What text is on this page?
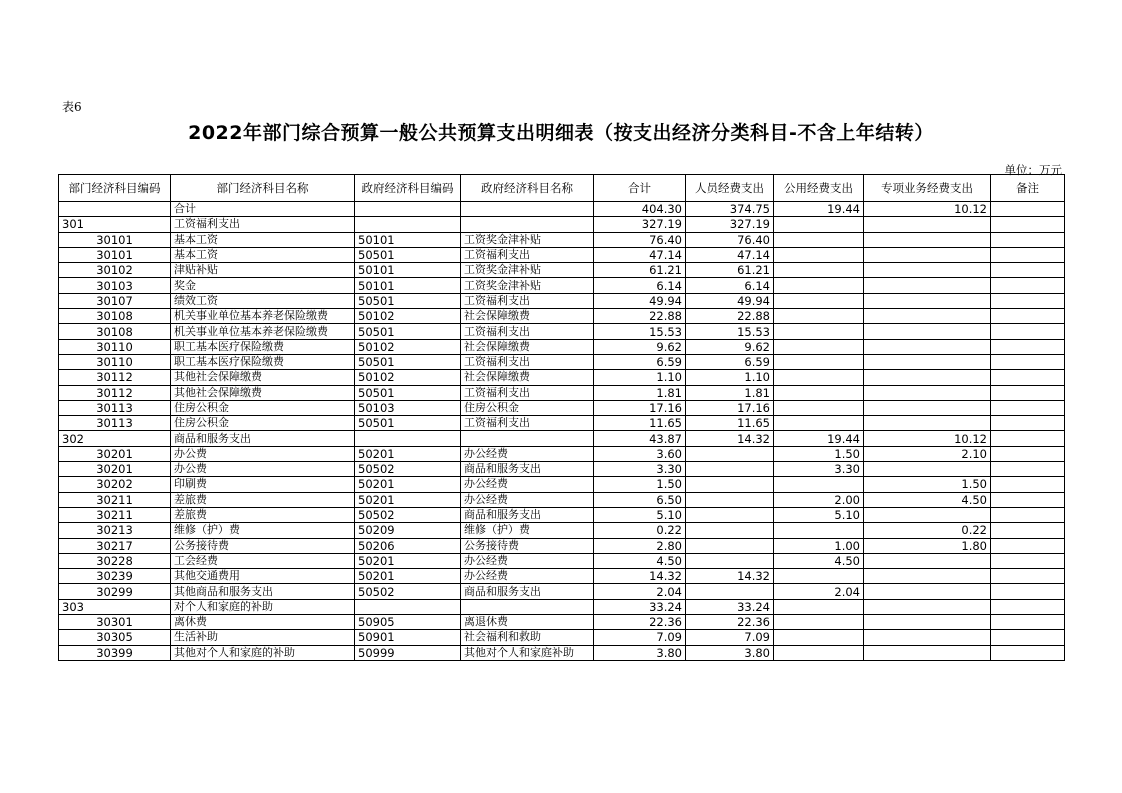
表6
2022年部门综合预算一般公共预算支出明细表（按支出经济分类科目-不含上年结转）
单位：万元
部门经济科目编码	部门经济科目名称	政府经济科目编码	政府经济科目名称	合计	人员经费支出	公用经费支出	专项业务经费支出	备注
	合计			404.30	374.75	19.44	10.12	
301	工资福利支出			327.19	327.19			
30101	基本工资	50101	工资奖金津补贴	76.40	76.40			
30101	基本工资	50501	工资福利支出	47.14	47.14			
30102	津贴补贴	50101	工资奖金津补贴	61.21	61.21			
30103	奖金	50101	工资奖金津补贴	6.14	6.14			
30107	绩效工资	50501	工资福利支出	49.94	49.94			
30108	机关事业单位基本养老保险缴费	50102	社会保障缴费	22.88	22.88			
30108	机关事业单位基本养老保险缴费	50501	工资福利支出	15.53	15.53			
30110	职工基本医疗保险缴费	50102	社会保障缴费	9.62	9.62			
30110	职工基本医疗保险缴费	50501	工资福利支出	6.59	6.59			
30112	其他社会保障缴费	50102	社会保障缴费	1.10	1.10			
30112	其他社会保障缴费	50501	工资福利支出	1.81	1.81			
30113	住房公积金	50103	住房公积金	17.16	17.16			
30113	住房公积金	50501	工资福利支出	11.65	11.65			
302	商品和服务支出			43.87	14.32	19.44	10.12	
30201	办公费	50201	办公经费	3.60		1.50	2.10	
30201	办公费	50502	商品和服务支出	3.30		3.30		
30202	印刷费	50201	办公经费	1.50			1.50	
30211	差旅费	50201	办公经费	6.50		2.00	4.50	
30211	差旅费	50502	商品和服务支出	5.10		5.10		
30213	维修（护）费	50209	维修（护）费	0.22			0.22	
30217	公务接待费	50206	公务接待费	2.80		1.00	1.80	
30228	工会经费	50201	办公经费	4.50		4.50		
30239	其他交通费用	50201	办公经费	14.32	14.32			
30299	其他商品和服务支出	50502	商品和服务支出	2.04		2.04		
303	对个人和家庭的补助			33.24	33.24			
30301	离休费	50905	离退休费	22.36	22.36			
30305	生活补助	50901	社会福利和救助	7.09	7.09			
30399	其他对个人和家庭的补助	50999	其他对个人和家庭补助	3.80	3.80			
